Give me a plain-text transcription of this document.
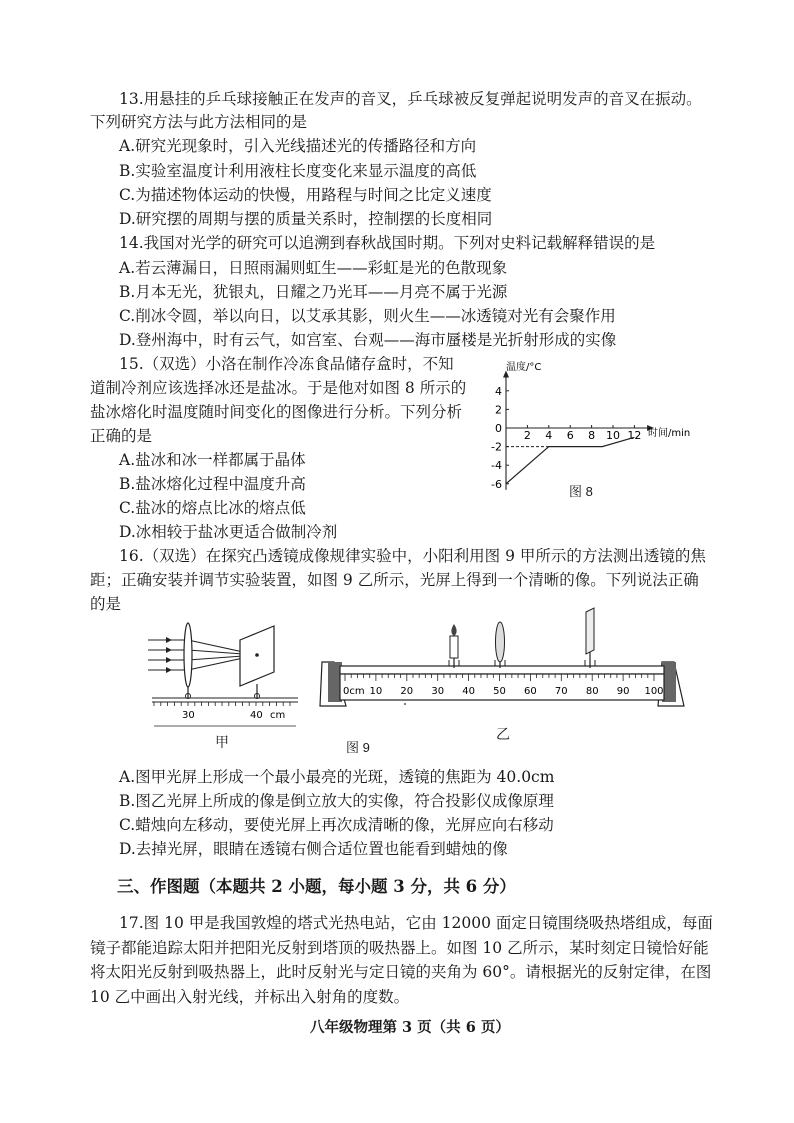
13.用悬挂的乒乓球接触正在发声的音叉，乒乓球被反复弹起说明发声的音叉在振动。
下列研究方法与此方法相同的是
A.研究光现象时，引入光线描述光的传播路径和方向
B.实验室温度计利用液柱长度变化来显示温度的高低
C.为描述物体运动的快慢，用路程与时间之比定义速度
D.研究摆的周期与摆的质量关系时，控制摆的长度相同
14.我国对光学的研究可以追溯到春秋战国时期。下列对史料记载解释错误的是
A.若云薄漏日，日照雨漏则虹生——彩虹是光的色散现象
B.月本无光，犹银丸，日耀之乃光耳——月亮不属于光源
C.削冰令圆，举以向日，以艾承其影，则火生——冰透镜对光有会聚作用
D.登州海中，时有云气，如宫室、台观——海市蜃楼是光折射形成的实像
15.（双选）小洛在制作冷冻食品储存盒时，不知
道制冷剂应该选择冰还是盐冰。于是他对如图 8 所示的
盐冰熔化时温度随时间变化的图像进行分析。下列分析
正确的是
A.盐冰和冰一样都属于晶体
B.盐冰熔化过程中温度升高
C.盐冰的熔点比冰的熔点低
D.冰相较于盐冰更适合做制冷剂
2 4 6 8 10 12
4
2
0
-2
-4
-6
温度/°C
时间/min
图 8
16.（双选）在探究凸透镜成像规律实验中，小阳利用图 9 甲所示的方法测出透镜的焦
距；正确安装并调节实验装置，如图 9 乙所示，光屏上得到一个清晰的像。下列说法正确
的是
30	40 cm
甲
0cm 10 20 30 40 50 60 70 80 90 100
图 9
乙
A.图甲光屏上形成一个最小最亮的光斑，透镜的焦距为 40.0cm
B.图乙光屏上所成的像是倒立放大的实像，符合投影仪成像原理
C.蜡烛向左移动，要使光屏上再次成清晰的像，光屏应向右移动
D.去掉光屏，眼睛在透镜右侧合适位置也能看到蜡烛的像
三、作图题（本题共 2 小题，每小题 3 分，共 6 分）
17.图 10 甲是我国敦煌的塔式光热电站，它由 12000 面定日镜围绕吸热塔组成，每面
镜子都能追踪太阳并把阳光反射到塔顶的吸热器上。如图 10 乙所示，某时刻定日镜恰好能
将太阳光反射到吸热器上，此时反射光与定日镜的夹角为 60°。请根据光的反射定律，在图
10 乙中画出入射光线，并标出入射角的度数。
八年级物理第 3 页（共 6 页）
